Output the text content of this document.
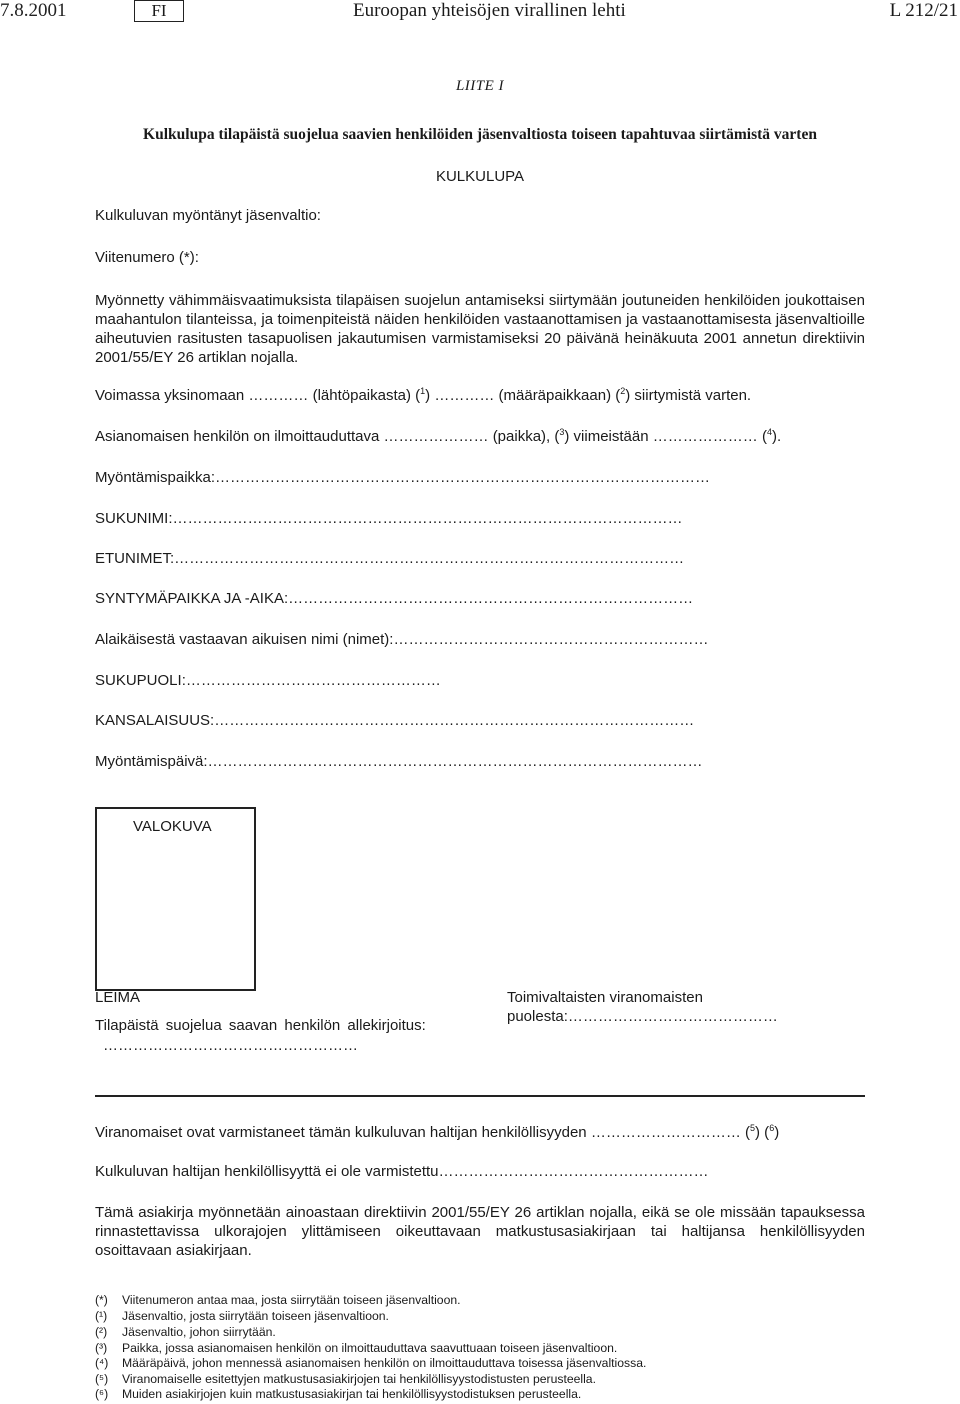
7.8.2001	FI	Euroopan yhteisöjen virallinen lehti	L 212/21
LIITE I
Kulkulupa tilapäistä suojelua saavien henkilöiden jäsenvaltiosta toiseen tapahtuvaa siirtämistä varten
KULKULUPA
Kulkuluvan myöntänyt jäsenvaltio:
Viitenumero (*):
Myönnetty vähimmäisvaatimuksista tilapäisen suojelun antamiseksi siirtymään joutuneiden henkilöiden joukottaisen maahantulon tilanteissa, ja toimenpiteistä näiden henkilöiden vastaanottamisen ja vastaanottamisesta jäsenvaltioille aiheutuvien rasitusten tasapuolisen jakautumisen varmistamiseksi 20 päivänä heinäkuuta 2001 annetun direktiivin 2001/55/EY 26 artiklan nojalla.
Voimassa yksinomaan ………… (lähtöpaikasta) ($^1$) ………… (määräpaikkaan) ($^2$) siirtymistä varten.
Asianomaisen henkilön on ilmoittauduttava ………………… (paikka), ($^3$) viimeistään ………………… ($^4$).
Myöntämispaikka:………………………………………………………………………………………
SUKUNIMI:…………………………………………………………………………………………
ETUNIMET:…………………………………………………………………………………………
SYNTYMÄPAIKKA JA -AIKA:………………………………………………………………………
Alaikäisestä vastaavan aikuisen nimi (nimet):………………………………………………………
SUKUPUOLI:……………………………………………
KANSALAISUUS:……………………………………………………………………………………
Myöntämispäivä:………………………………………………………………………………………
VALOKUVA
LEIMA
Tilapäistä suojelua saavan henkilön allekirjoitus:
……………………………………………
Toimivaltaisten viranomaisten
puolesta:……………………………………
Viranomaiset ovat varmistaneet tämän kulkuluvan haltijan henkilöllisyyden ………………………… ($^5$) ($^6$)
Kulkuluvan haltijan henkilöllisyyttä ei ole varmistettu………………………………………………
Tämä asiakirja myönnetään ainoastaan direktiivin 2001/55/EY 26 artiklan nojalla, eikä se ole missään tapauksessa rinnastettavissa ulkorajojen ylittämiseen oikeuttavaan matkustusasiakirjaan tai haltijansa henkilöllisyyden osoittavaan asiakirjaan.
(*) Viitenumeron antaa maa, josta siirrytään toiseen jäsenvaltioon.
(¹) Jäsenvaltio, josta siirrytään toiseen jäsenvaltioon.
(²) Jäsenvaltio, johon siirrytään.
(³) Paikka, jossa asianomaisen henkilön on ilmoittauduttava saavuttuaan toiseen jäsenvaltioon.
(⁴) Määräpäivä, johon mennessä asianomaisen henkilön on ilmoittauduttava toisessa jäsenvaltiossa.
(⁵) Viranomaiselle esitettyjen matkustusasiakirjojen tai henkilöllisyystodistusten perusteella.
(⁶) Muiden asiakirjojen kuin matkustusasiakirjan tai henkilöllisyystodistuksen perusteella.
